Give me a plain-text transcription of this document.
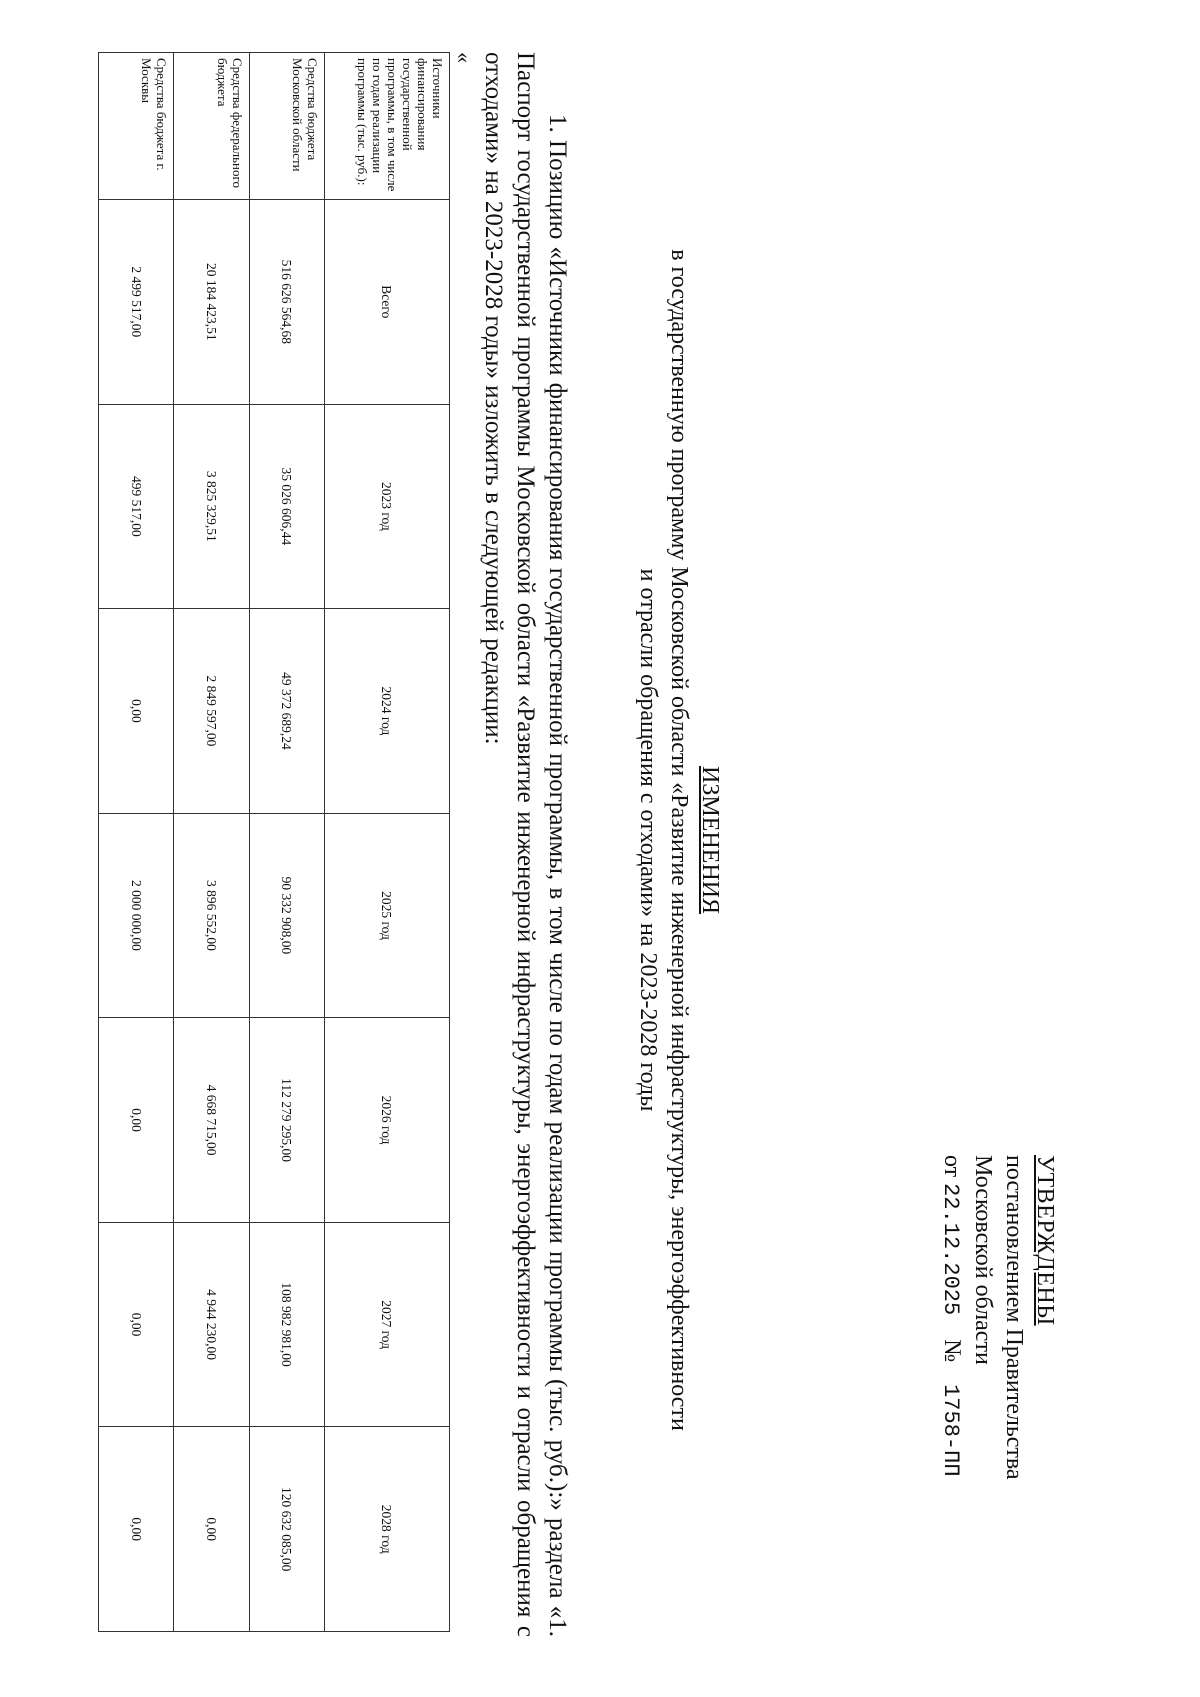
УТВЕРЖДЕНЫ
постановлением Правительства
Московской области
от 22.12.2025 № 1758-ПП
ИЗМЕНЕНИЯ
в государственную программу Московской области «Развитие инженерной инфраструктуры, энергоэффективности
и отрасли обращения с отходами» на 2023-2028 годы
1. Позицию «Источники финансирования государственной программы, в том числе по годам реализации программы (тыс. руб.):» раздела «1. Паспорт государственной программы Московской области «Развитие инженерной инфраструктуры, энергоэффективности и отрасли обращения с отходами» на 2023-2028 годы» изложить в следующей редакции:
«
Источники финансирования государственной программы, в том числе по годам реализации программы (тыс. руб.):	Всего	2023 год	2024 год	2025 год	2026 год	2027 год	2028 год
Средства бюджета Московской области	516 626 564,68	35 026 606,44	49 372 689,24	90 332 908,00	112 279 295,00	108 982 981,00	120 632 085,00
Средства федерального бюджета	20 184 423,51	3 825 329,51	2 849 597,00	3 896 552,00	4 668 715,00	4 944 230,00	0,00
Средства бюджета г. Москвы	2 499 517,00	499 517,00	0,00	2 000 000,00	0,00	0,00	0,00
